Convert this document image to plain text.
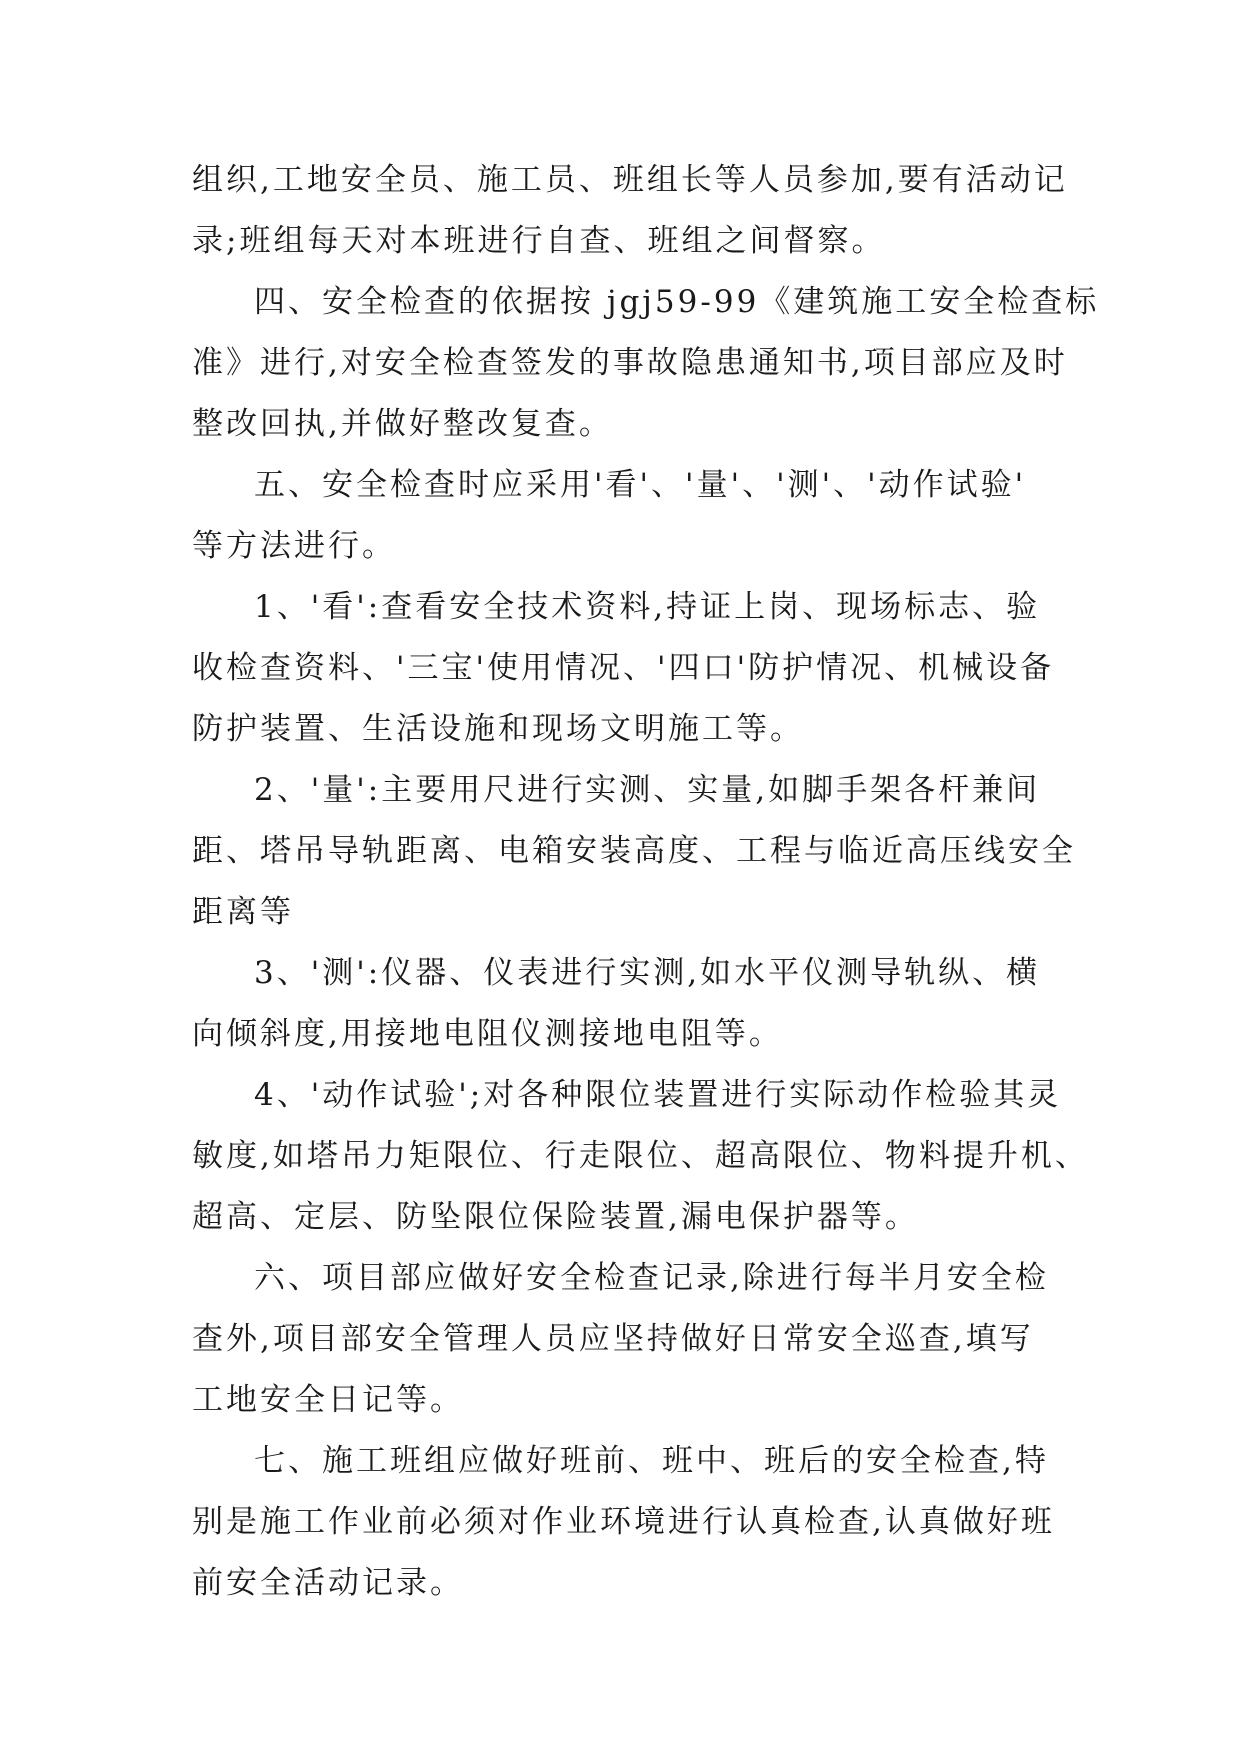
组织,工地安全员、施工员、班组长等人员参加,要有活动记
录;班组每天对本班进行自查、班组之间督察。
四、安全检查的依据按 jgj59-99《建筑施工安全检查标
准》进行,对安全检查签发的事故隐患通知书,项目部应及时
整改回执,并做好整改复查。
五、安全检查时应采用'看'、'量'、'测'、'动作试验'
等方法进行。
1、'看':查看安全技术资料,持证上岗、现场标志、验
收检查资料、'三宝'使用情况、'四口'防护情况、机械设备
防护装置、生活设施和现场文明施工等。
2、'量':主要用尺进行实测、实量,如脚手架各杆兼间
距、塔吊导轨距离、电箱安装高度、工程与临近高压线安全
距离等
3、'测':仪器、仪表进行实测,如水平仪测导轨纵、横
向倾斜度,用接地电阻仪测接地电阻等。
4、'动作试验';对各种限位装置进行实际动作检验其灵
敏度,如塔吊力矩限位、行走限位、超高限位、物料提升机、
超高、定层、防坠限位保险装置,漏电保护器等。
六、项目部应做好安全检查记录,除进行每半月安全检
查外,项目部安全管理人员应坚持做好日常安全巡查,填写
工地安全日记等。
七、施工班组应做好班前、班中、班后的安全检查,特
别是施工作业前必须对作业环境进行认真检查,认真做好班
前安全活动记录。
